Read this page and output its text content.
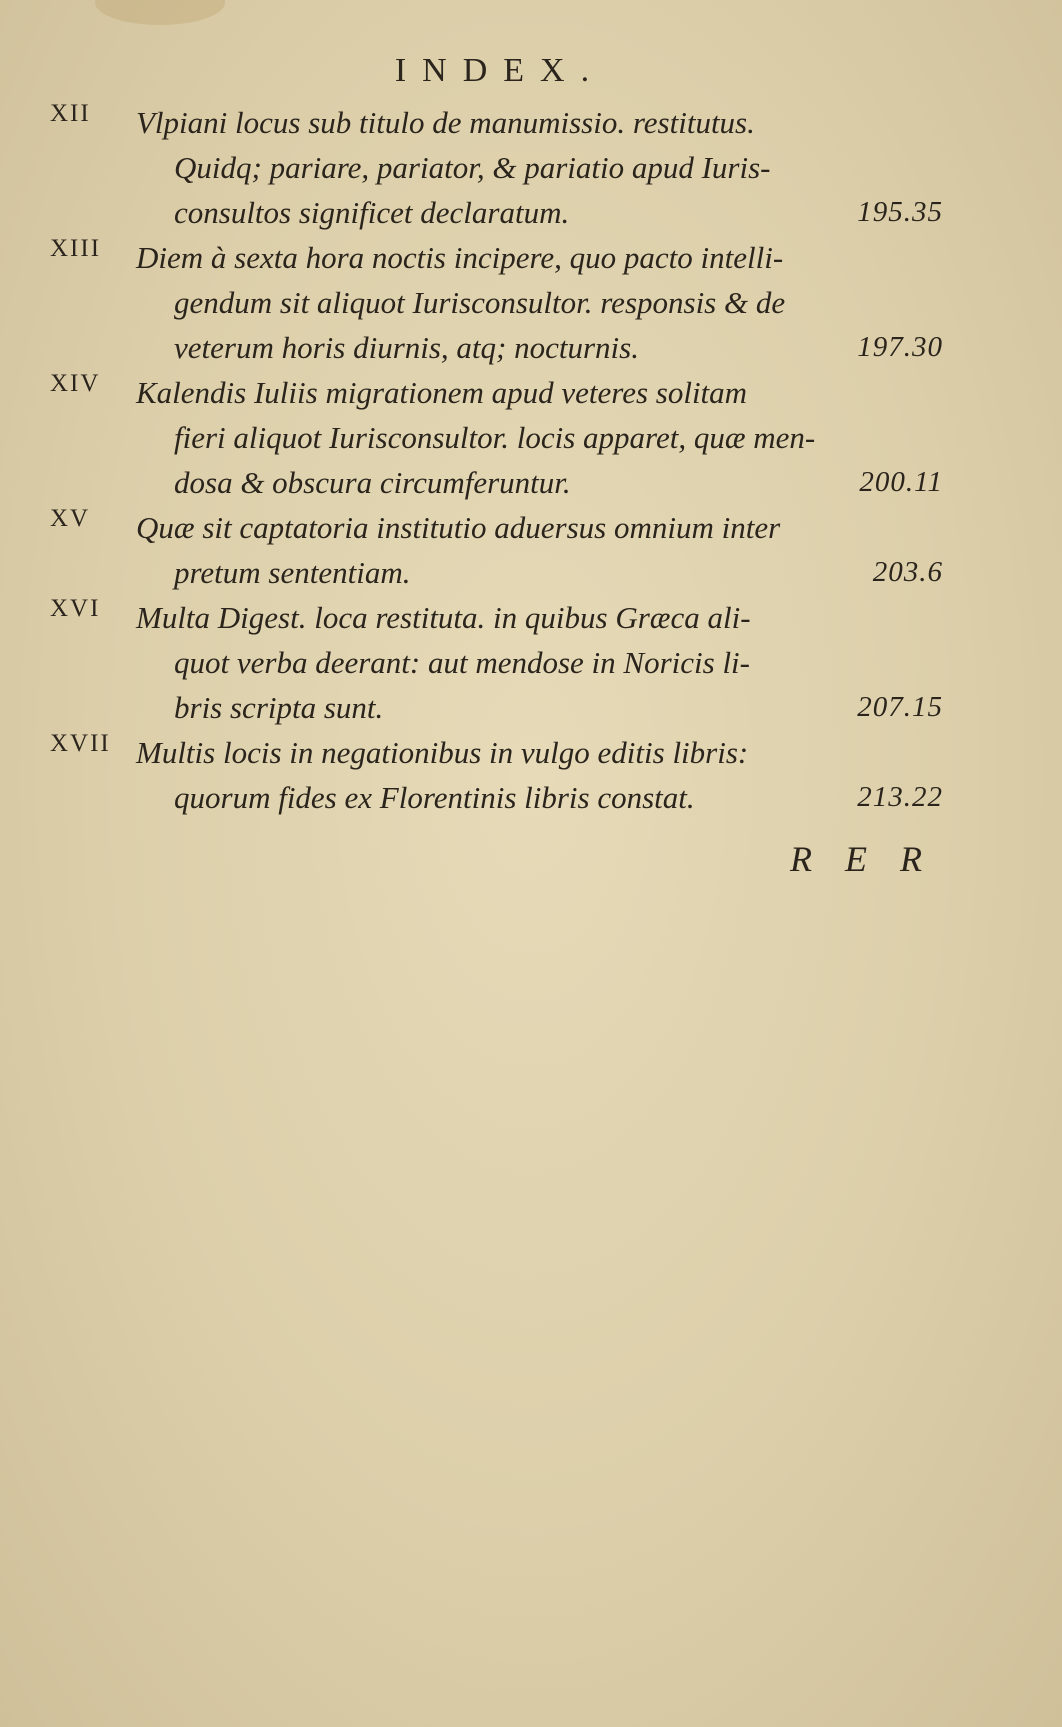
INDEX.
XII Vlpiani locus sub titulo de manumissio. restitutus.
Quidq; pariare, pariator, & pariatio apud Iuris-
consultos significet declaratum.	195.35
XIII Diem à sexta hora noctis incipere, quo pacto intelli-
gendum sit aliquot Iurisconsultor. responsis & de
veterum horis diurnis, atq; nocturnis.	197.30
XIV Kalendis Iuliis migrationem apud veteres solitam
fieri aliquot Iurisconsultor. locis apparet, quæ men-
dosa & obscura circumferuntur.	200.11
XV Quæ sit captatoria institutio aduersus omnium inter
pretum sententiam.	203.6
XVI Multa Digest. loca restituta. in quibus Græca ali-
quot verba deerant: aut mendose in Noricis li-
bris scripta sunt.	207.15
XVII Multis locis in negationibus in vulgo editis libris:
quorum fides ex Florentinis libris constat.	213.22
R E R
